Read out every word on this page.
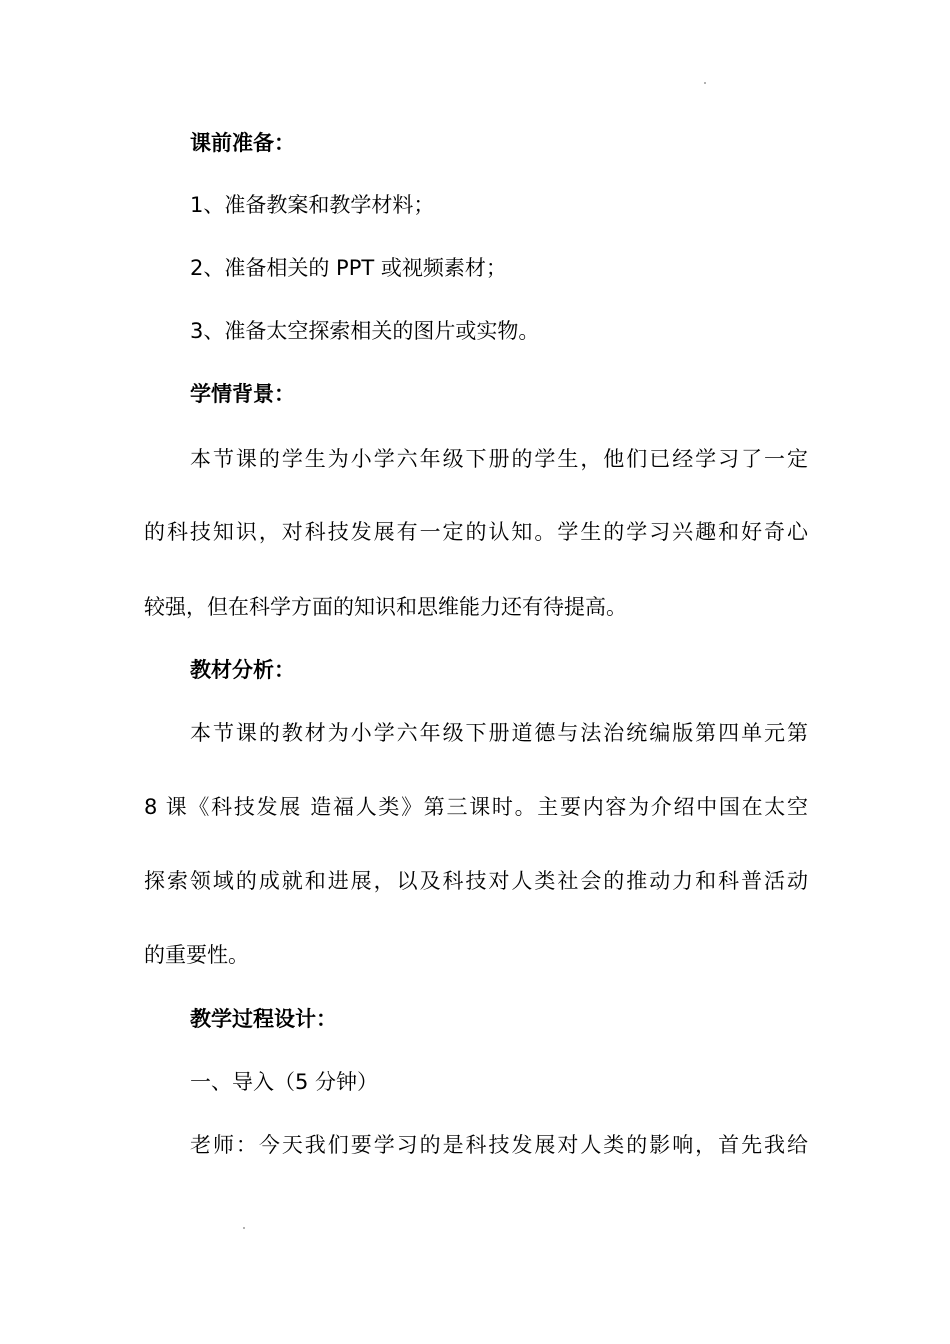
课前准备：
1、准备教案和教学材料；
2、准备相关的 PPT 或视频素材；
3、准备太空探索相关的图片或实物。
学情背景：
本节课的学生为小学六年级下册的学生，他们已经学习了一定
的科技知识，对科技发展有一定的认知。学生的学习兴趣和好奇心
较强，但在科学方面的知识和思维能力还有待提高。
教材分析：
本节课的教材为小学六年级下册道德与法治统编版第四单元第
8 课《科技发展 造福人类》第三课时。主要内容为介绍中国在太空
探索领域的成就和进展，以及科技对人类社会的推动力和科普活动
的重要性。
教学过程设计：
一、导入（5 分钟）
老师：今天我们要学习的是科技发展对人类的影响，首先我给
